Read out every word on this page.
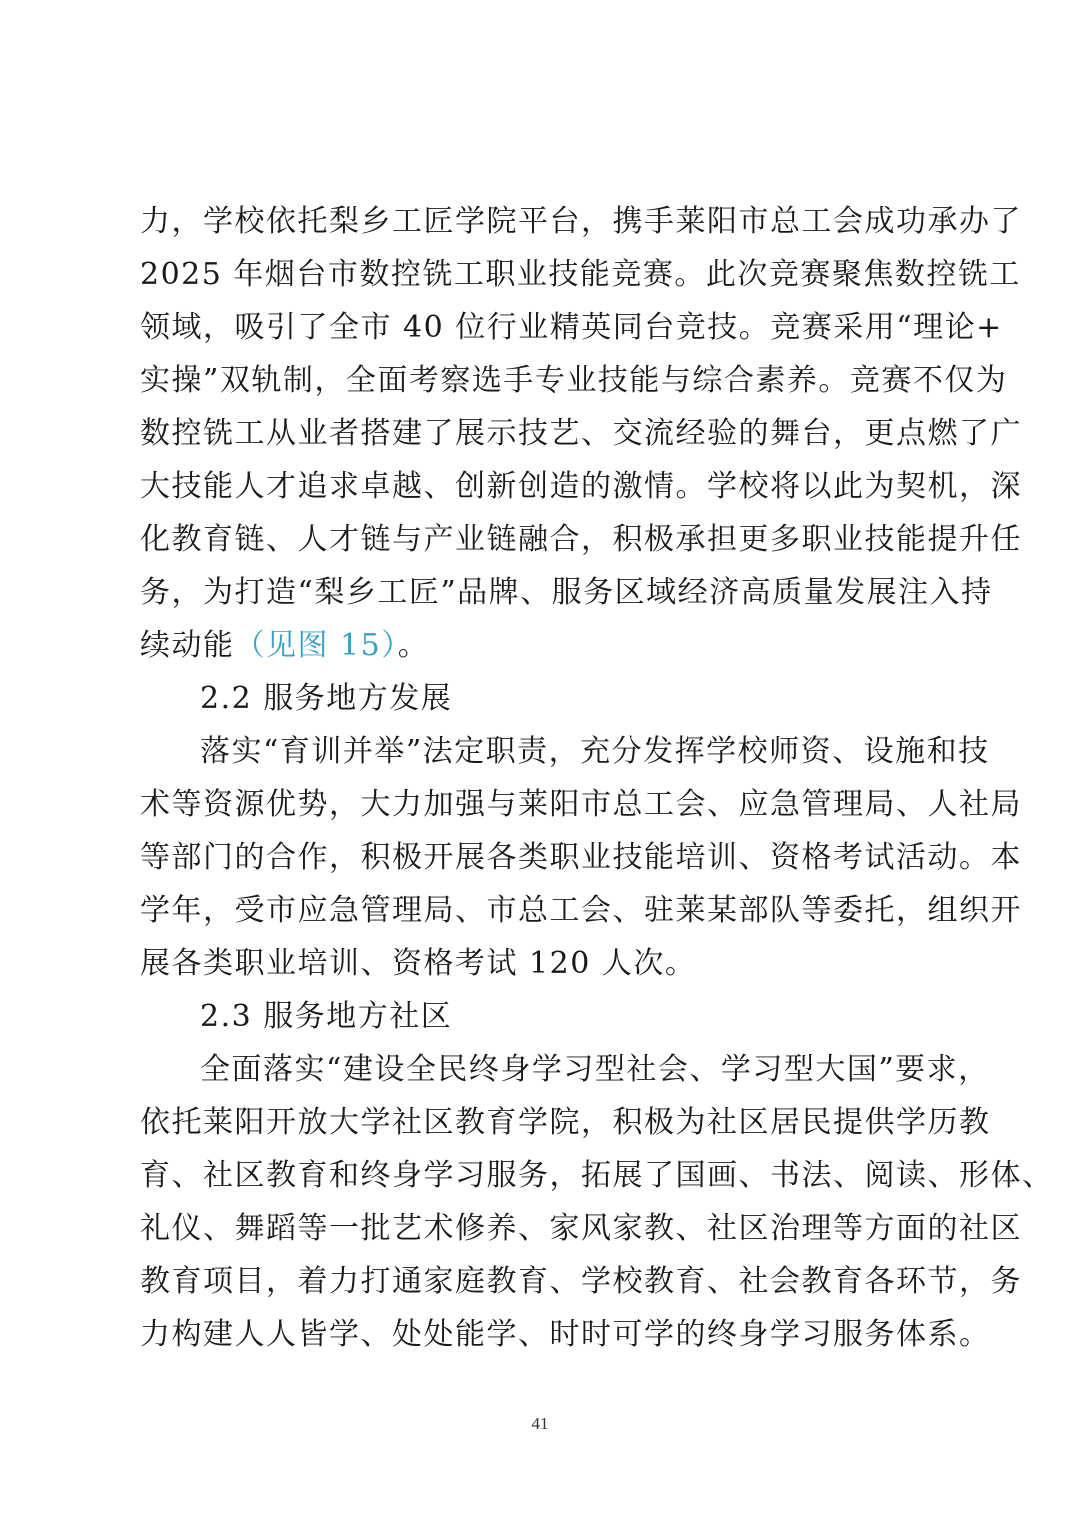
力，学校依托梨乡工匠学院平台，携手莱阳市总工会成功承办了
2025 年烟台市数控铣工职业技能竞赛。此次竞赛聚焦数控铣工
领域，吸引了全市 40 位行业精英同台竞技。竞赛采用“理论+
实操”双轨制，全面考察选手专业技能与综合素养。竞赛不仅为
数控铣工从业者搭建了展示技艺、交流经验的舞台，更点燃了广
大技能人才追求卓越、创新创造的激情。学校将以此为契机，深
化教育链、人才链与产业链融合，积极承担更多职业技能提升任
务，为打造“梨乡工匠”品牌、服务区域经济高质量发展注入持
续动能（见图 15）。
2.2 服务地方发展
落实“育训并举”法定职责，充分发挥学校师资、设施和技
术等资源优势，大力加强与莱阳市总工会、应急管理局、人社局
等部门的合作，积极开展各类职业技能培训、资格考试活动。本
学年，受市应急管理局、市总工会、驻莱某部队等委托，组织开
展各类职业培训、资格考试 120 人次。
2.3 服务地方社区
全面落实“建设全民终身学习型社会、学习型大国”要求，
依托莱阳开放大学社区教育学院，积极为社区居民提供学历教
育、社区教育和终身学习服务，拓展了国画、书法、阅读、形体、
礼仪、舞蹈等一批艺术修养、家风家教、社区治理等方面的社区
教育项目，着力打通家庭教育、学校教育、社会教育各环节，务
力构建人人皆学、处处能学、时时可学的终身学习服务体系。
41
